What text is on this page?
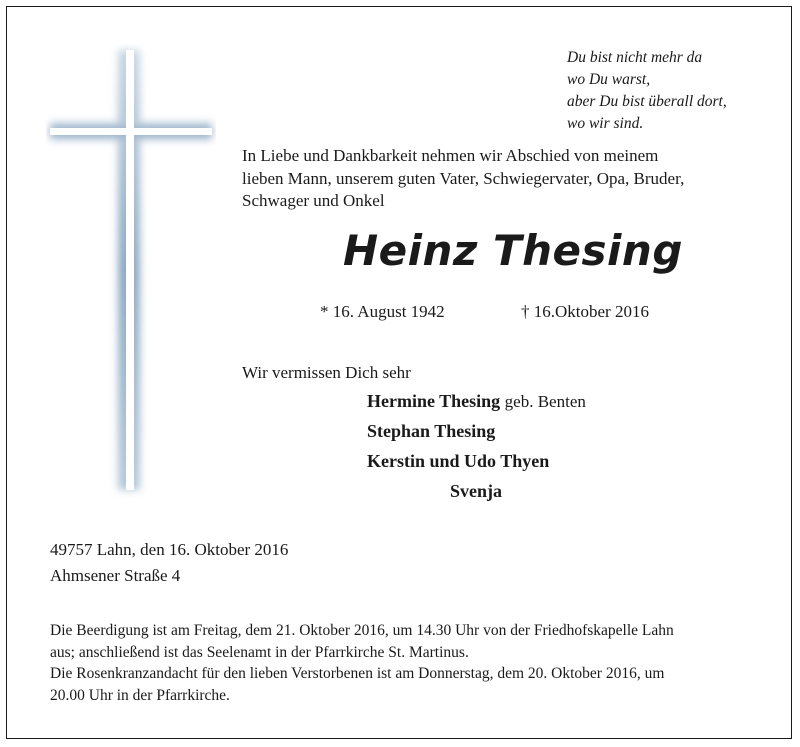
Du bist nicht mehr da
wo Du warst,
aber Du bist überall dort,
wo wir sind.
In Liebe und Dankbarkeit nehmen wir Abschied von meinem
lieben Mann, unserem guten Vater, Schwiegervater, Opa, Bruder,
Schwager und Onkel
Heinz Thesing
* 16. August 1942	† 16.Oktober 2016
Wir vermissen Dich sehr
Hermine Thesing geb. Benten
Stephan Thesing
Kerstin und Udo Thyen
Svenja
49757 Lahn, den 16. Oktober 2016
Ahmsener Straße 4
Die Beerdigung ist am Freitag, dem 21. Oktober 2016, um 14.30 Uhr von der Friedhofskapelle Lahn
aus; anschließend ist das Seelenamt in der Pfarrkirche St. Martinus.
Die Rosenkranzandacht für den lieben Verstorbenen ist am Donnerstag, dem 20. Oktober 2016, um
20.00 Uhr in der Pfarrkirche.
